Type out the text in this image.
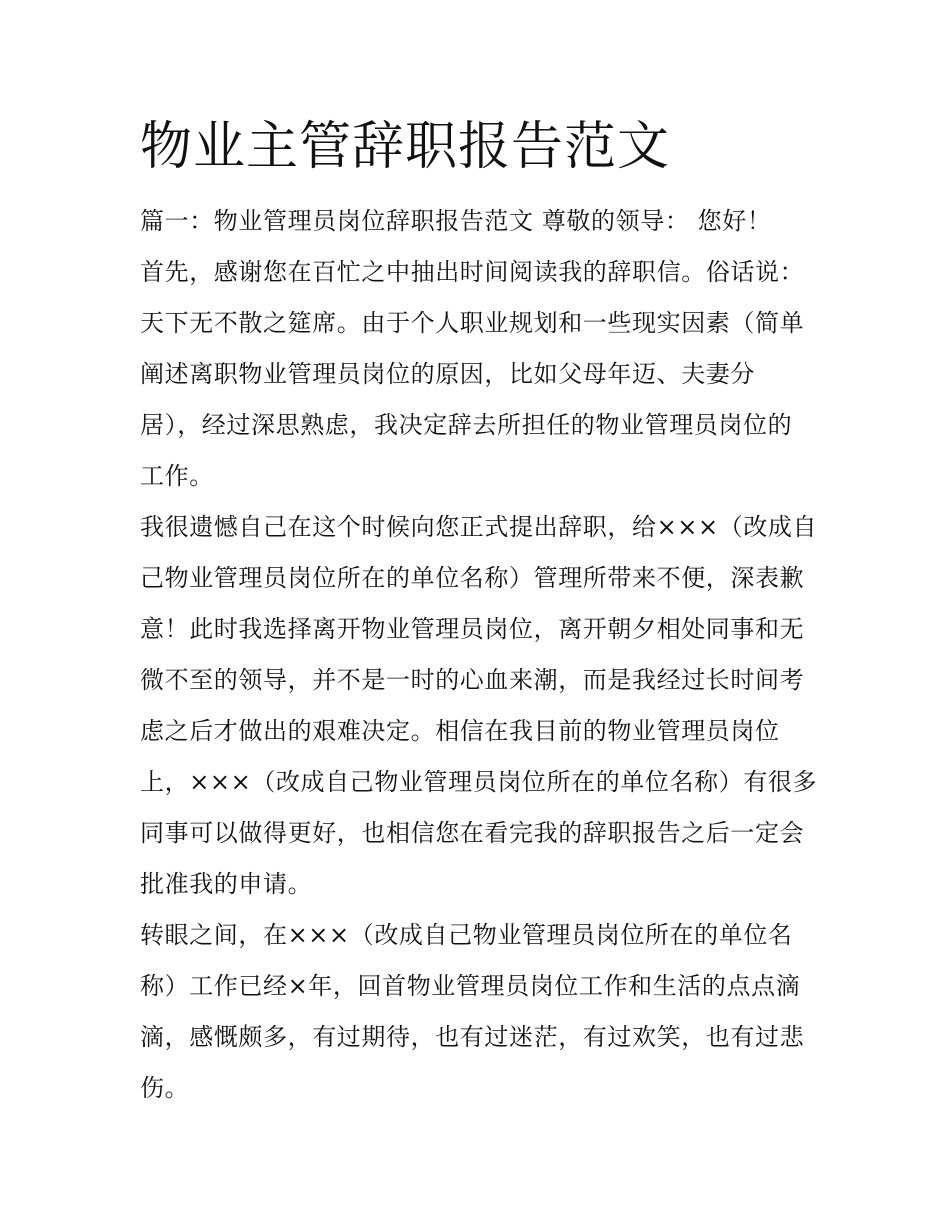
物业主管辞职报告范文
篇一：物业管理员岗位辞职报告范文 尊敬的领导： 您好！
首先，感谢您在百忙之中抽出时间阅读我的辞职信。俗话说：
天下无不散之筵席。由于个人职业规划和一些现实因素（简单
阐述离职物业管理员岗位的原因，比如父母年迈、夫妻分
居），经过深思熟虑，我决定辞去所担任的物业管理员岗位的
工作。
我很遗憾自己在这个时候向您正式提出辞职，给×××（改成自
己物业管理员岗位所在的单位名称）管理所带来不便，深表歉
意！此时我选择离开物业管理员岗位，离开朝夕相处同事和无
微不至的领导，并不是一时的心血来潮，而是我经过长时间考
虑之后才做出的艰难决定。相信在我目前的物业管理员岗位
上，×××（改成自己物业管理员岗位所在的单位名称）有很多
同事可以做得更好，也相信您在看完我的辞职报告之后一定会
批准我的申请。
转眼之间，在×××（改成自己物业管理员岗位所在的单位名
称）工作已经×年，回首物业管理员岗位工作和生活的点点滴
滴，感慨颇多，有过期待，也有过迷茫，有过欢笑，也有过悲
伤。
